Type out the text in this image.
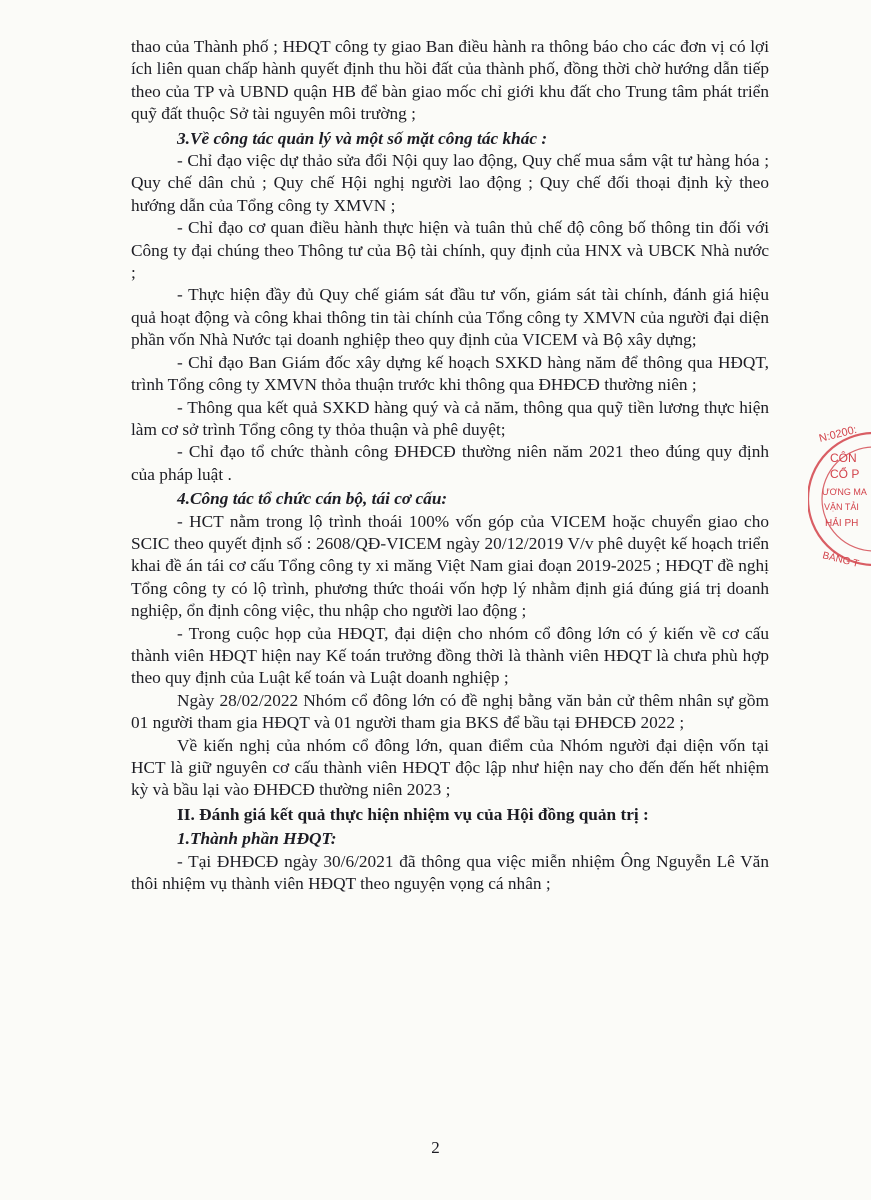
thao của Thành phố ; HĐQT công ty giao Ban điều hành ra thông báo cho các đơn vị có lợi ích liên quan chấp hành quyết định thu hồi đất của thành phố, đồng thời chờ hướng dẫn tiếp theo của TP và UBND quận HB để bàn giao mốc chỉ giới khu đất cho Trung tâm phát triển quỹ đất thuộc Sở tài nguyên môi trường ;

3.Về công tác quản lý và một số mặt công tác khác :

- Chỉ đạo việc dự thảo sửa đổi Nội quy lao động, Quy chế mua sắm vật tư hàng hóa ; Quy chế dân chủ ; Quy chế Hội nghị người lao động ; Quy chế đối thoại định kỳ theo hướng dẫn của Tổng công ty XMVN ;

- Chỉ đạo cơ quan điều hành thực hiện và tuân thủ chế độ công bố thông tin đối với Công ty đại chúng theo Thông tư của Bộ tài chính, quy định của HNX và UBCK Nhà nước ;

- Thực hiện đầy đủ Quy chế giám sát đầu tư vốn, giám sát tài chính, đánh giá hiệu quả hoạt động và công khai thông tin tài chính của Tổng công ty XMVN của người đại diện phần vốn Nhà Nước tại doanh nghiệp theo quy định của VICEM và Bộ xây dựng;

- Chỉ đạo Ban Giám đốc xây dựng kế hoạch SXKD hàng năm để thông qua HĐQT, trình Tổng công ty XMVN thỏa thuận trước khi thông qua ĐHĐCĐ thường niên ;

- Thông qua kết quả SXKD hàng quý và cả năm, thông qua quỹ tiền lương thực hiện làm cơ sở trình Tổng công ty thỏa thuận và phê duyệt;

- Chỉ đạo tổ chức thành công ĐHĐCĐ thường niên năm 2021 theo đúng quy định của pháp luật .

4.Công tác tổ chức cán bộ, tái cơ cấu:

- HCT nằm trong lộ trình thoái 100% vốn góp của VICEM hoặc chuyển giao cho SCIC theo quyết định số : 2608/QĐ-VICEM ngày 20/12/2019 V/v phê duyệt kế hoạch triển khai đề án tái cơ cấu Tổng công ty xi măng Việt Nam giai đoạn 2019-2025 ; HĐQT đề nghị Tổng công ty có lộ trình, phương thức thoái vốn hợp lý nhằm định giá đúng giá trị doanh nghiệp, ổn định công việc, thu nhập cho người lao động ;

- Trong cuộc họp của HĐQT, đại diện cho nhóm cổ đông lớn có ý kiến về cơ cấu thành viên HĐQT hiện nay Kế toán trưởng đồng thời là thành viên HĐQT là chưa phù hợp theo quy định của Luật kế toán và Luật doanh nghiệp ;

Ngày 28/02/2022 Nhóm cổ đông lớn có đề nghị bằng văn bản cử thêm nhân sự gồm 01 người tham gia HĐQT và 01 người tham gia BKS để bầu tại ĐHĐCĐ 2022 ;

Về kiến nghị của nhóm cổ đông lớn, quan điểm của Nhóm người đại diện vốn tại HCT là giữ nguyên cơ cấu thành viên HĐQT độc lập như hiện nay cho đến đến hết nhiệm kỳ và bầu lại vào ĐHĐCĐ thường niên 2023 ;

II. Đánh giá kết quả thực hiện nhiệm vụ của Hội đồng quản trị :

1.Thành phần HĐQT:

- Tại ĐHĐCĐ ngày 30/6/2021 đã thông qua việc miễn nhiệm Ông Nguyễn Lê Văn thôi nhiệm vụ thành viên HĐQT theo nguyện vọng cá nhân ;

N:0200:
CÔN
CỔ P
ƯƠNG MA
VẬN TẢI
HẢI PH
BẢNG T
2
